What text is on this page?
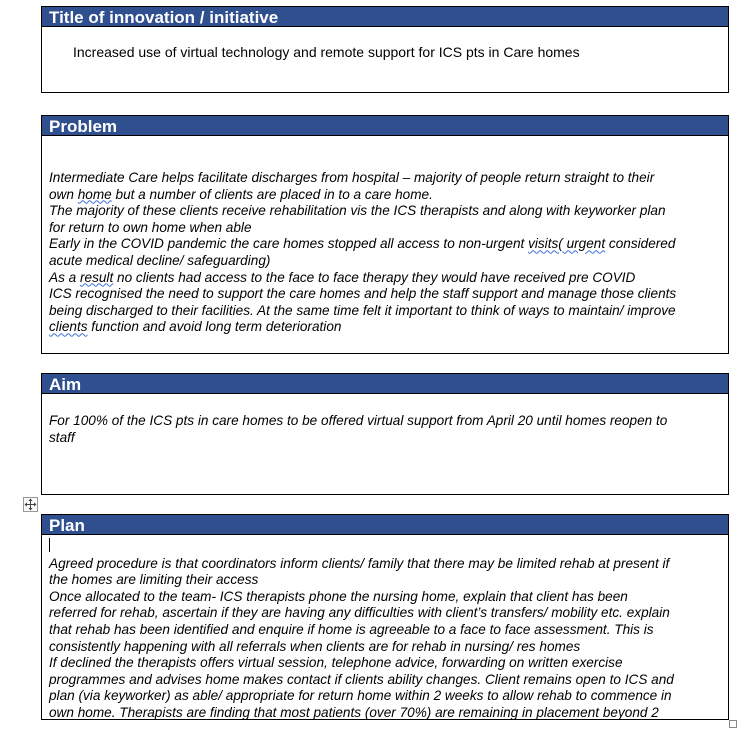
Title of innovation / initiative

Increased use of virtual technology and remote support for ICS pts in Care homes

Problem

Intermediate Care helps facilitate discharges from hospital – majority of people return straight to their

own home but a number of clients are placed in to a care home.

The majority of these clients receive rehabilitation vis the ICS therapists and along with keyworker plan

for return to own home when able

Early in the COVID pandemic the care homes stopped all access to non-urgent visits( urgent considered

acute medical decline/ safeguarding)

As a result no clients had access to the face to face therapy they would have received pre COVID

ICS recognised the need to support the care homes and help the staff support and manage those clients

being discharged to their facilities. At the same time felt it important to think of ways to maintain/ improve

clients function and avoid long term deterioration

Aim

For 100% of the ICS pts in care homes to be offered virtual support from April 20 until homes reopen to

staff

Plan

Agreed procedure is that coordinators inform clients/ family that there may be limited rehab at present if

the homes are limiting their access

Once allocated to the team- ICS therapists phone the nursing home, explain that client has been

referred for rehab, ascertain if they are having any difficulties with client’s transfers/ mobility etc. explain

that rehab has been identified and enquire if home is agreeable to a face to face assessment. This is

consistently happening with all referrals when clients are for rehab in nursing/ res homes

If declined the therapists offers virtual session, telephone advice, forwarding on written exercise

programmes and advises home makes contact if clients ability changes. Client remains open to ICS and

plan (via keyworker) as able/ appropriate for return home within 2 weeks to allow rehab to commence in

own home. Therapists are finding that most patients (over 70%) are remaining in placement beyond 2
